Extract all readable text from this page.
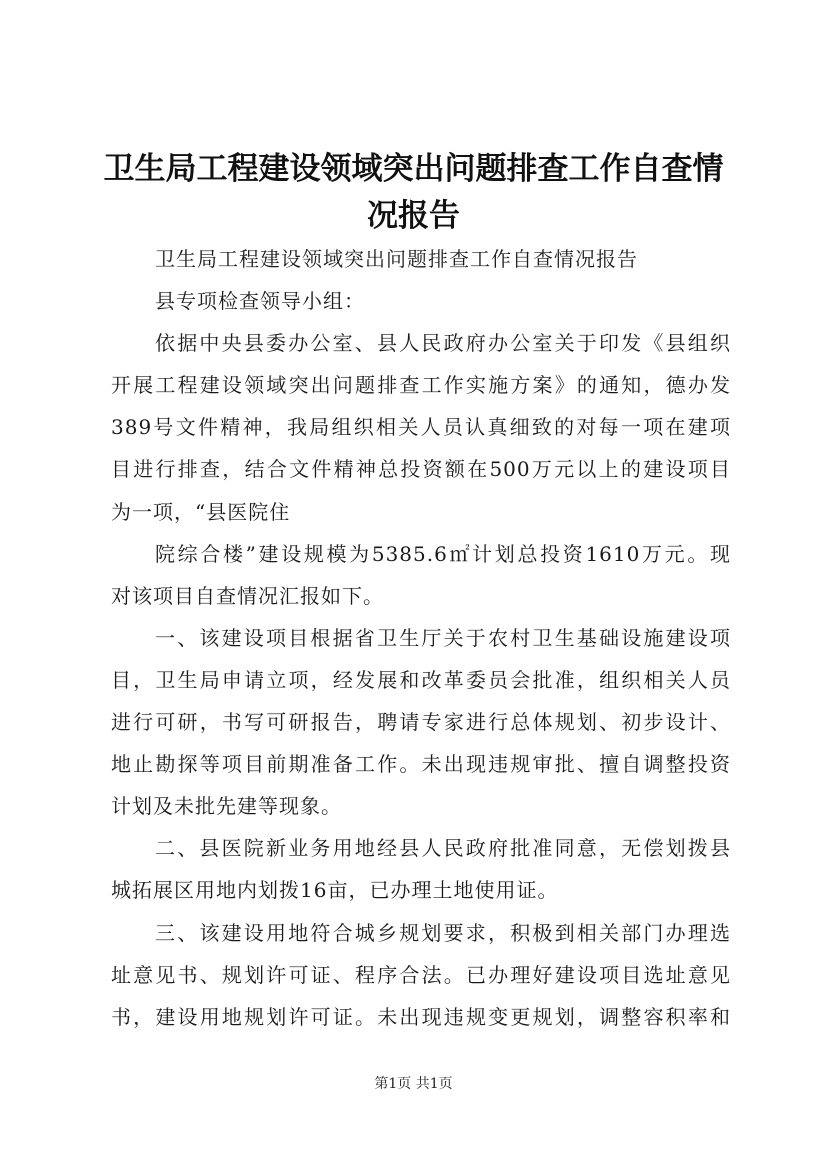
卫生局工程建设领域突出问题排查工作自查情
况报告
卫生局工程建设领域突出问题排查工作自查情况报告
县专项检查领导小组：
依据中央县委办公室、县人民政府办公室关于印发《县组织
开展工程建设领域突出问题排查工作实施方案》的通知，德办发
389号文件精神，我局组织相关人员认真细致的对每一项在建项
目进行排查，结合文件精神总投资额在500万元以上的建设项目
为一项，“县医院住
院综合楼”建设规模为5385.6㎡计划总投资1610万元。现
对该项目自查情况汇报如下。
一、该建设项目根据省卫生厅关于农村卫生基础设施建设项
目，卫生局申请立项，经发展和改革委员会批准，组织相关人员
进行可研，书写可研报告，聘请专家进行总体规划、初步设计、
地止勘探等项目前期准备工作。未出现违规审批、擅自调整投资
计划及未批先建等现象。
二、县医院新业务用地经县人民政府批准同意，无偿划拨县
城拓展区用地内划拨16亩，已办理土地使用证。
三、该建设用地符合城乡规划要求，积极到相关部门办理选
址意见书、规划许可证、程序合法。已办理好建设项目选址意见
书，建设用地规划许可证。未出现违规变更规划，调整容积率和
第1页 共1页
